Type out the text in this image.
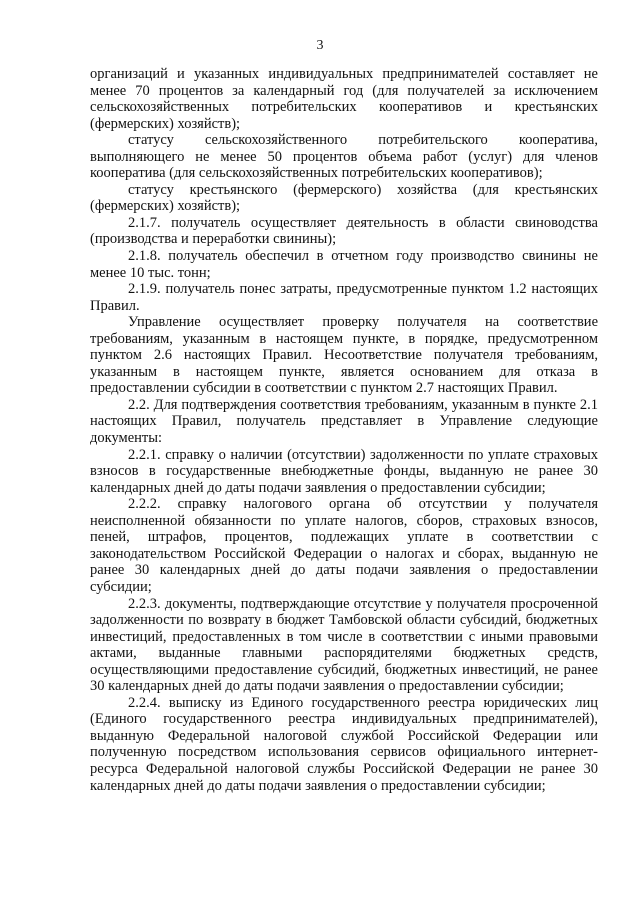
3

организаций и указанных индивидуальных предпринимателей составляет не менее 70 процентов за календарный год (для получателей за исключением сельскохозяйственных потребительских кооперативов и крестьянских (фермерских) хозяйств);

статусу сельскохозяйственного потребительского кооператива, выполняющего не менее 50 процентов объема работ (услуг) для членов кооператива (для сельскохозяйственных потребительских кооперативов);

статусу крестьянского (фермерского) хозяйства (для крестьянских (фермерских) хозяйств);

2.1.7. получатель осуществляет деятельность в области свиноводства (производства и переработки свинины);

2.1.8. получатель обеспечил в отчетном году производство свинины не менее 10 тыс. тонн;

2.1.9. получатель понес затраты, предусмотренные пунктом 1.2 настоящих Правил.

Управление осуществляет проверку получателя на соответствие требованиям, указанным в настоящем пункте, в порядке, предусмотренном пунктом 2.6 настоящих Правил. Несоответствие получателя требованиям, указанным в настоящем пункте, является основанием для отказа в предоставлении субсидии в соответствии с пунктом 2.7 настоящих Правил.

2.2. Для подтверждения соответствия требованиям, указанным в пункте 2.1 настоящих Правил, получатель представляет в Управление следующие документы:

2.2.1. справку о наличии (отсутствии) задолженности по уплате страховых взносов в государственные внебюджетные фонды, выданную не ранее 30 календарных дней до даты подачи заявления о предоставлении субсидии;

2.2.2. справку налогового органа об отсутствии у получателя неисполненной обязанности по уплате налогов, сборов, страховых взносов, пеней, штрафов, процентов, подлежащих уплате в соответствии с законодательством Российской Федерации о налогах и сборах, выданную не ранее 30 календарных дней до даты подачи заявления о предоставлении субсидии;

2.2.3. документы, подтверждающие отсутствие у получателя просроченной задолженности по возврату в бюджет Тамбовской области субсидий, бюджетных инвестиций, предоставленных в том числе в соответствии с иными правовыми актами, выданные главными распорядителями бюджетных средств, осуществляющими предоставление субсидий, бюджетных инвестиций, не ранее 30 календарных дней до даты подачи заявления о предоставлении субсидии;

2.2.4. выписку из Единого государственного реестра юридических лиц (Единого государственного реестра индивидуальных предпринимателей), выданную Федеральной налоговой службой Российской Федерации или полученную посредством использования сервисов официального интернет-ресурса Федеральной налоговой службы Российской Федерации не ранее 30 календарных дней до даты подачи заявления о предоставлении субсидии;
